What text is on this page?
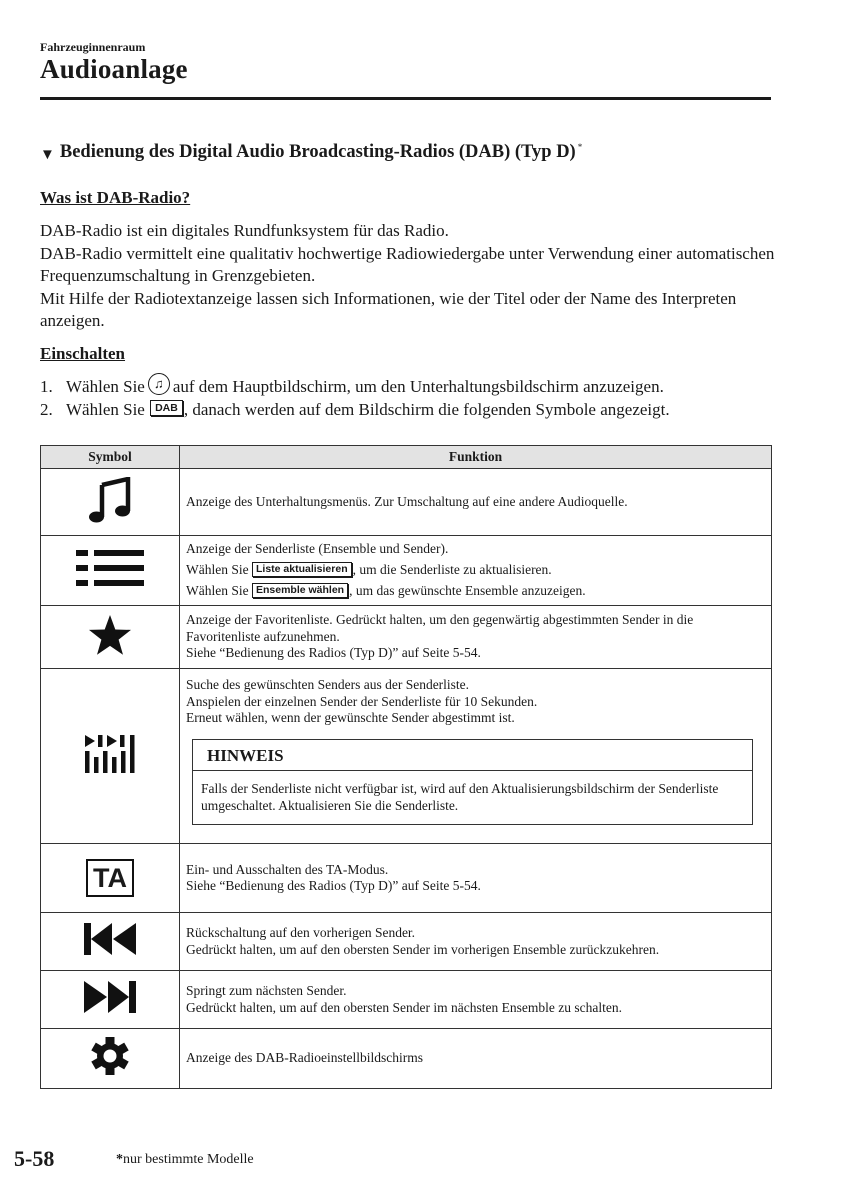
Fahrzeuginnenraum
Audioanlage
▼ Bedienung des Digital Audio Broadcasting-Radios (DAB) (Typ D)*
Was ist DAB-Radio?

DAB-Radio ist ein digitales Rundfunksystem für das Radio.

DAB-Radio vermittelt eine qualitativ hochwertige Radiowiedergabe unter Verwendung einer automatischen Frequenzumschaltung in Grenzgebieten.

Mit Hilfe der Radiotextanzeige lassen sich Informationen, wie der Titel oder der Name des Interpreten anzeigen.

Einschalten
1. Wählen Sie ♫ auf dem Hauptbildschirm, um den Unterhaltungsbildschirm anzuzeigen.
2. Wählen Sie
DAB , danach werden auf dem Bildschirm die folgenden Symbole angezeigt.
Symbol	Funktion

Anzeige des Unterhaltungsmenüs. Zur Umschaltung auf eine andere Audioquelle.

Anzeige der Senderliste (Ensemble und Sender).
Wählen Sie Liste aktualisieren , um die Senderliste zu aktualisieren.
Wählen Sie Ensemble wählen , um das gewünschte Ensemble anzuzeigen.

Anzeige der Favoritenliste. Gedrückt halten, um den gegenwärtig abgestimmten Sender in die Favoritenliste aufzunehmen.
Siehe “Bedienung des Radios (Typ D)” auf Seite 5-54.

Suche des gewünschten Senders aus der Senderliste.
Anspielen der einzelnen Sender der Senderliste für 10 Sekunden.
Erneut wählen, wenn der gewünschte Sender abgestimmt ist.
HINWEIS
Falls der Senderliste nicht verfügbar ist, wird auf den Aktualisierungsbildschirm der Senderliste umgeschaltet. Aktualisieren Sie die Senderliste.

TA	Ein- und Ausschalten des TA-Modus.
Siehe “Bedienung des Radios (Typ D)” auf Seite 5-54.

Rückschaltung auf den vorherigen Sender.
Gedrückt halten, um auf den obersten Sender im vorherigen Ensemble zurückzukehren.

Springt zum nächsten Sender.
Gedrückt halten, um auf den obersten Sender im nächsten Ensemble zu schalten.

Anzeige des DAB-Radioeinstellbildschirms
5-58	*nur bestimmte Modelle
